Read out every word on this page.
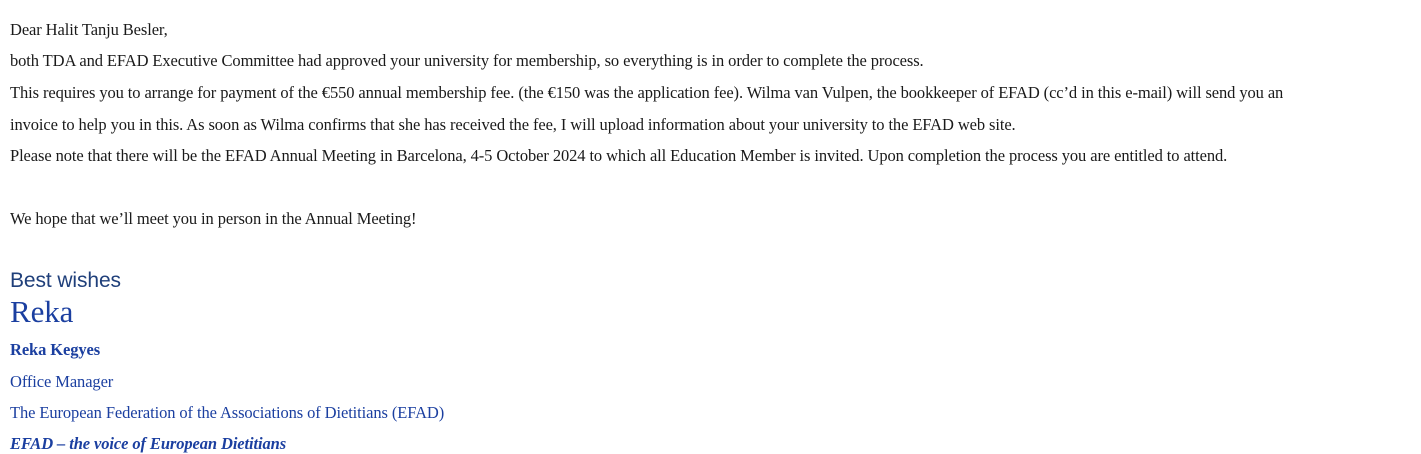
Dear Halit Tanju Besler,
both TDA and EFAD Executive Committee had approved your university for membership, so everything is in order to complete the process.
This requires you to arrange for payment of the €550 annual membership fee. (the €150 was the application fee). Wilma van Vulpen, the bookkeeper of EFAD (cc’d in this e-mail) will send you an
invoice to help you in this. As soon as Wilma confirms that she has received the fee, I will upload information about your university to the EFAD web site.
Please note that there will be the EFAD Annual Meeting in Barcelona, 4-5 October 2024 to which all Education Member is invited. Upon completion the process you are entitled to attend.
We hope that we’ll meet you in person in the Annual Meeting!
Best wishes
Reka
Reka Kegyes
Office Manager
The European Federation of the Associations of Dietitians (EFAD)
EFAD – the voice of European Dietitians
